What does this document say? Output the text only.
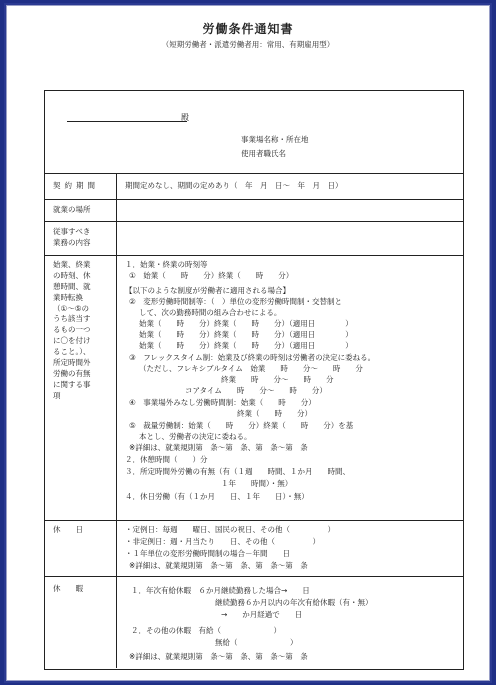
労働条件通知書
（短期労働者・派遣労働者用：常用、有期雇用型）
殿
事業場名称・所在地
使用者職氏名
契約期間	期間定めなし、期間の定めあり（　年　月　日～　年　月　日）
就業の場所
従事すべき
業務の内容
始業、終業
の時刻、休
憩時間、就
業時転換
（①～⑤の
うち該当す
るもの一つ
に〇を付け
ること。）、
所定時間外
労働の有無
に関する事
項
１．始業・終業の時刻等
①　始業（　　時　　分）終業（　　時　　分）
【以下のような制度が労働者に適用される場合】
②　変形労働時間制等：（　）単位の変形労働時間制・交替制と
して、次の勤務時間の組み合わせによる。
始業（　　時　　分）終業（　　時　　分）（適用日　　　　）
始業（　　時　　分）終業（　　時　　分）（適用日　　　　）
始業（　　時　　分）終業（　　時　　分）（適用日　　　　）
③　フレックスタイム制：始業及び終業の時刻は労働者の決定に委ねる。
（ただし、フレキシブルタイム　始業　　時　　分～　　時　　分
終業　　時　　分～　　時　　分
コアタイム　　時　　分～　　時　　分）
④　事業場外みなし労働時間制：始業（　　時　　分）
終業（　　時　　分）
⑤　裁量労働制：始業（　　時　　分）終業（　　時　　分）を基
本とし、労働者の決定に委ねる。
※詳細は、就業規則第　条～第　条、第　条～第　条
２．休憩時間（　　）分
３．所定時間外労働の有無（有（１週　　時間、１か月　　時間、
１年　　時間）・無）
４．休日労働（有（１か月　　日、１年　　日）・無）
休　　日	・定例日：毎週　　曜日、国民の祝日、その他（　　　　　）
・非定例日：週・月当たり　　日、その他（　　　　　）
・１年単位の変形労働時間制の場合－年間　　日
※詳細は、就業規則第　条～第　条、第　条～第　条
休　　暇	１．年次有給休暇　６か月継続勤務した場合→　　日
継続勤務６か月以内の年次有給休暇（有・無）
→　　か月経過で　　日
２．その他の休暇　有給（　　　　　　　）
無給（　　　　　　　）
※詳細は、就業規則第　条～第　条、第　条～第　条
